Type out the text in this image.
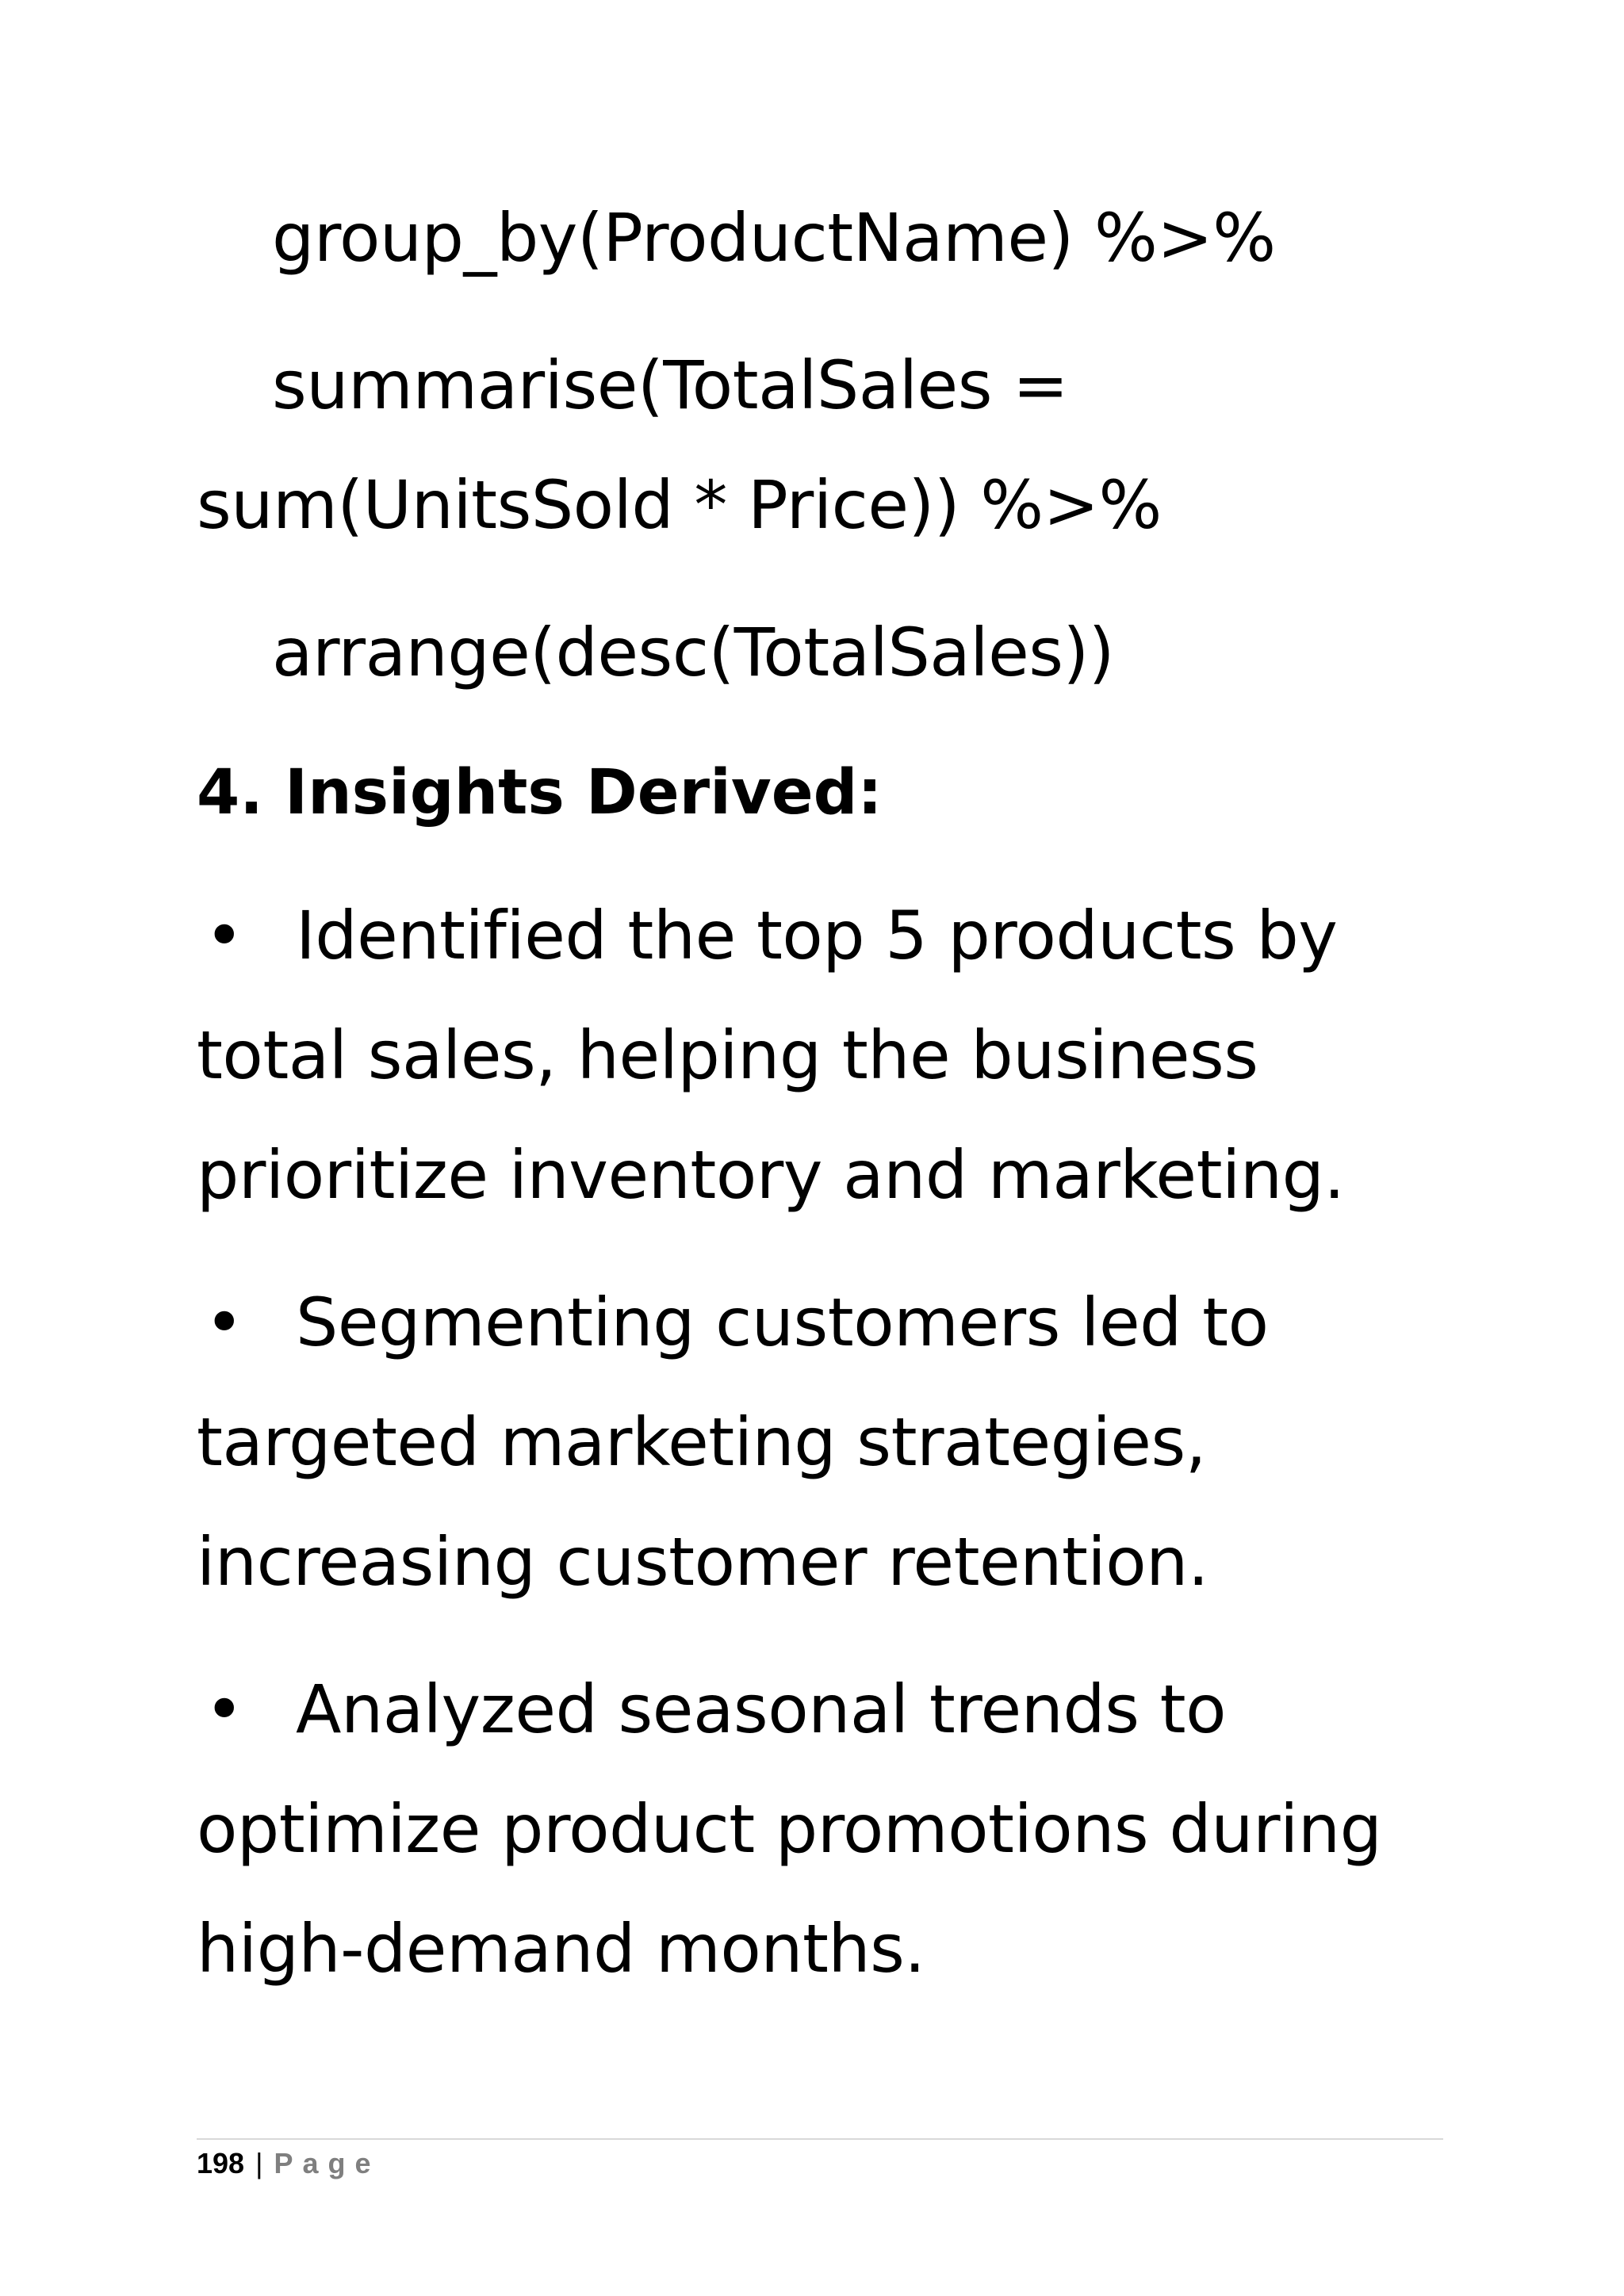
group_by(ProductName) %>%
summarise(TotalSales =
sum(UnitsSold * Price)) %>%
arrange(desc(TotalSales))
4. Insights Derived:
• Identified the top 5 products by
total sales, helping the business
prioritize inventory and marketing.
• Segmenting customers led to
targeted marketing strategies,
increasing customer retention.
• Analyzed seasonal trends to
optimize product promotions during
high-demand months.
198 | Page
